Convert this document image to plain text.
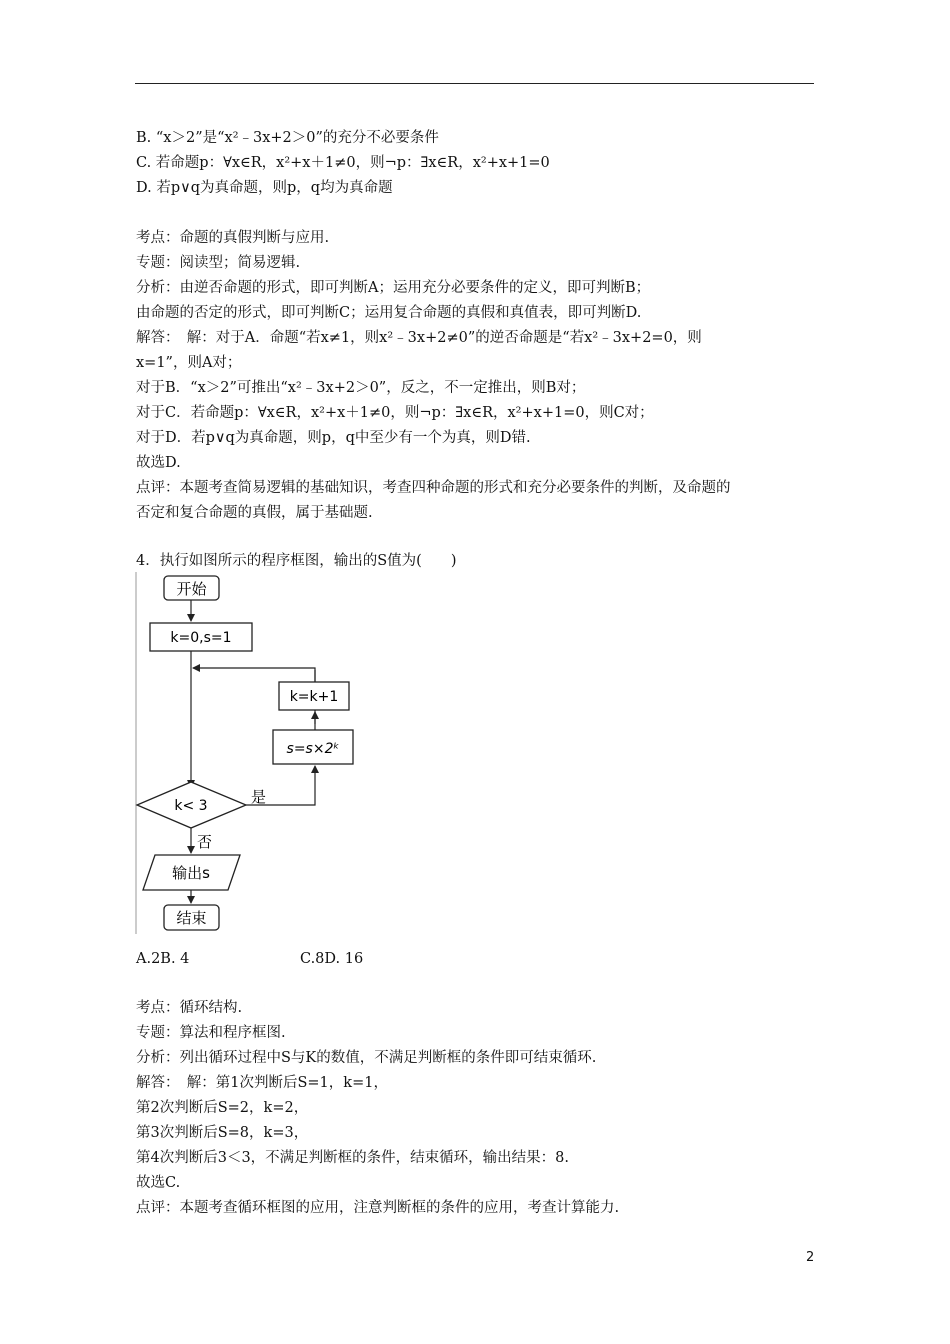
B. “x＞2”是“x²﹣3x+2＞0”的充分不必要条件
C. 若命题p：∀x∈R，x²+x＋1≠0，则¬p：∃x∈R，x²+x+1=0
D. 若p∨q为真命题，则p，q均为真命题
考点：命题的真假判断与应用.
专题：阅读型；简易逻辑.
分析：由逆否命题的形式，即可判断A；运用充分必要条件的定义，即可判断B；
由命题的否定的形式，即可判断C；运用复合命题的真假和真值表，即可判断D.
解答：　解：对于A．命题“若x≠1，则x²﹣3x+2≠0”的逆否命题是“若x²﹣3x+2=0，则
x=1”，则A对；
对于B．“x＞2”可推出“x²﹣3x+2＞0”，反之，不一定推出，则B对；
对于C．若命题p：∀x∈R，x²+x＋1≠0，则¬p：∃x∈R，x²+x+1=0，则C对；
对于D．若p∨q为真命题，则p，q中至少有一个为真，则D错.
故选D.
点评：本题考查简易逻辑的基础知识，考查四种命题的形式和充分必要条件的判断，及命题的
否定和复合命题的真假，属于基础题.
4．执行如图所示的程序框图，输出的S值为(　　)
开始
k=0,s=1
k=k+1
s=s×2ᵏ
k< 3	是
否
输出s
结束
A.2B. 4	C.8D. 16
考点：循环结构.
专题：算法和程序框图.
分析：列出循环过程中S与K的数值，不满足判断框的条件即可结束循环.
解答：　解：第1次判断后S=1，k=1，
第2次判断后S=2，k=2，
第3次判断后S=8，k=3，
第4次判断后3＜3，不满足判断框的条件，结束循环，输出结果：8.
故选C.
点评：本题考查循环框图的应用，注意判断框的条件的应用，考查计算能力.
2
